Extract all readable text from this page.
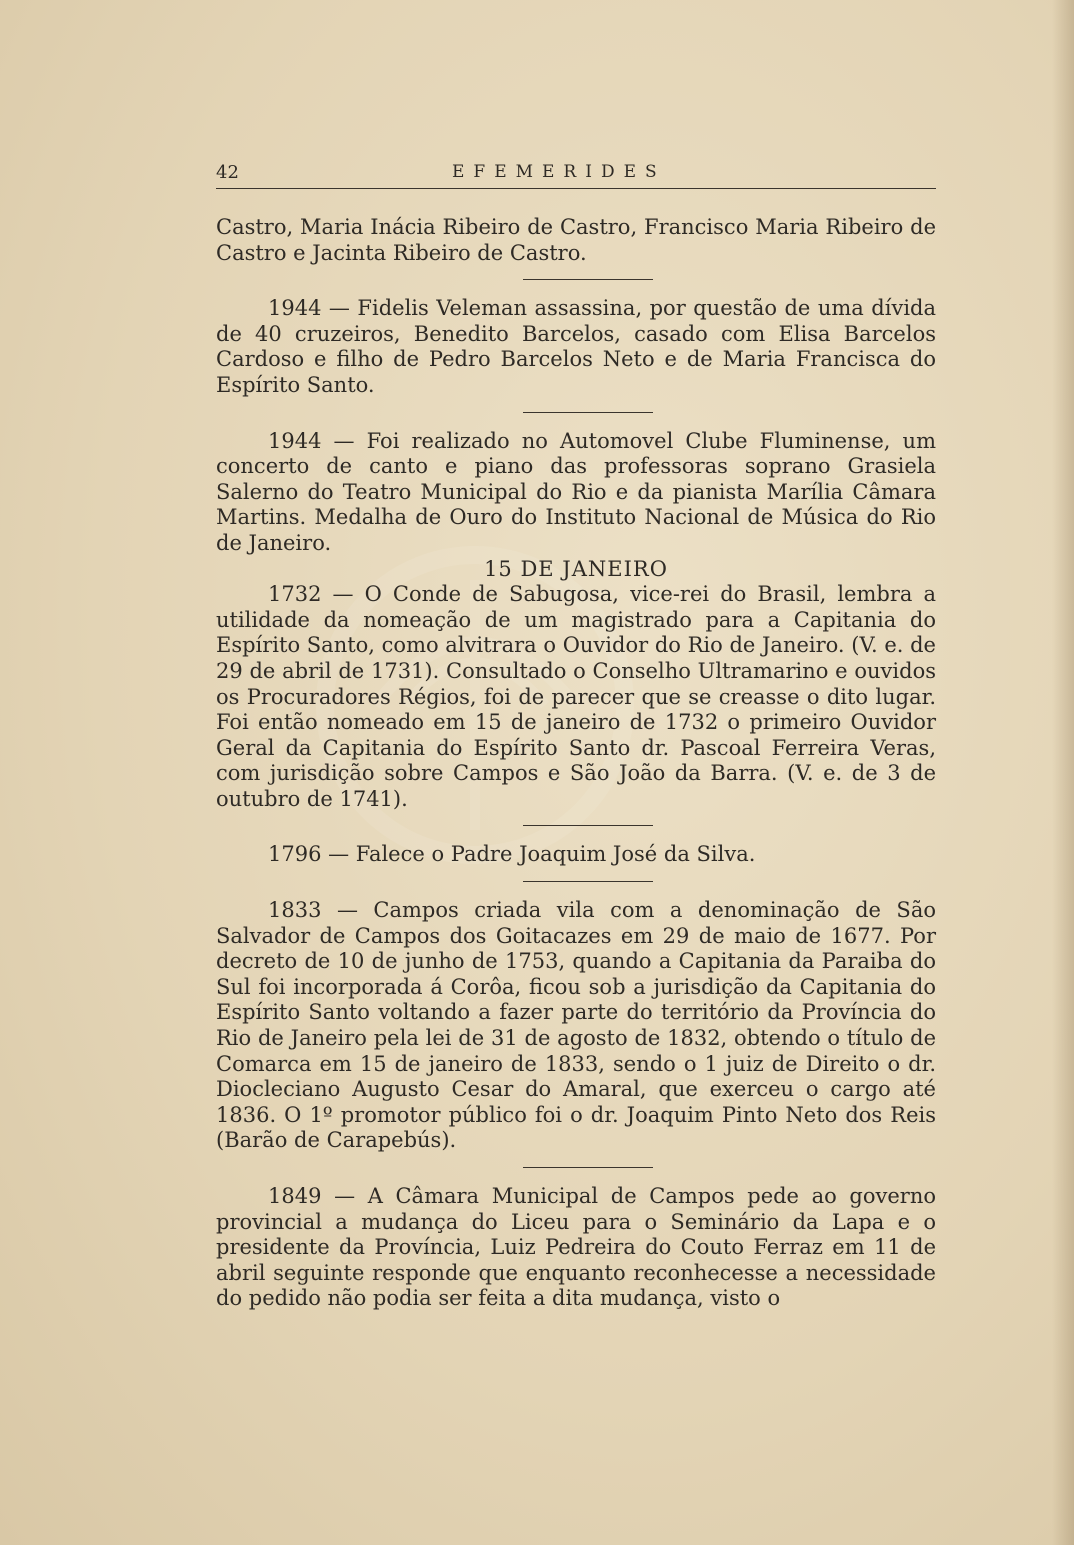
42	EFEMERIDES

Castro, Maria Inácia Ribeiro de Castro, Francisco Maria Ribeiro de Castro e Jacinta Ribeiro de Castro.

1944 — Fidelis Veleman assassina, por questão de uma dívida de 40 cruzeiros, Benedito Barcelos, casado com Elisa Barcelos Cardoso e filho de Pedro Barcelos Neto e de Maria Francisca do Espírito Santo.

1944 — Foi realizado no Automovel Clube Fluminense, um concerto de canto e piano das professoras soprano Grasiela Salerno do Teatro Municipal do Rio e da pianista Marília Câmara Martins. Medalha de Ouro do Instituto Nacional de Música do Rio de Janeiro.

15 DE JANEIRO

1732 — O Conde de Sabugosa, vice-rei do Brasil, lembra a utilidade da nomeação de um magistrado para a Capitania do Espírito Santo, como alvitrara o Ouvidor do Rio de Janeiro. (V. e. de 29 de abril de 1731). Consultado o Conselho Ultramarino e ouvidos os Procuradores Régios, foi de parecer que se creasse o dito lugar. Foi então nomeado em 15 de janeiro de 1732 o primeiro Ouvidor Geral da Capitania do Espírito Santo dr. Pascoal Ferreira Veras, com jurisdição sobre Campos e São João da Barra. (V. e. de 3 de outubro de 1741).

1796 — Falece o Padre Joaquim José da Silva.

1833 — Campos criada vila com a denominação de São Salvador de Campos dos Goitacazes em 29 de maio de 1677. Por decreto de 10 de junho de 1753, quando a Capitania da Paraiba do Sul foi incorporada á Corôa, ficou sob a jurisdição da Capitania do Espírito Santo voltando a fazer parte do território da Província do Rio de Janeiro pela lei de 31 de agosto de 1832, obtendo o título de Comarca em 15 de janeiro de 1833, sendo o 1 juiz de Direito o dr. Diocleciano Augusto Cesar do Amaral, que exerceu o cargo até 1836. O 1º promotor público foi o dr. Joaquim Pinto Neto dos Reis (Barão de Carapebús).

1849 — A Câmara Municipal de Campos pede ao governo provincial a mudança do Liceu para o Seminário da Lapa e o presidente da Província, Luiz Pedreira do Couto Ferraz em 11 de abril seguinte responde que enquanto reconhecesse a necessidade do pedido não podia ser feita a dita mudança, visto o
